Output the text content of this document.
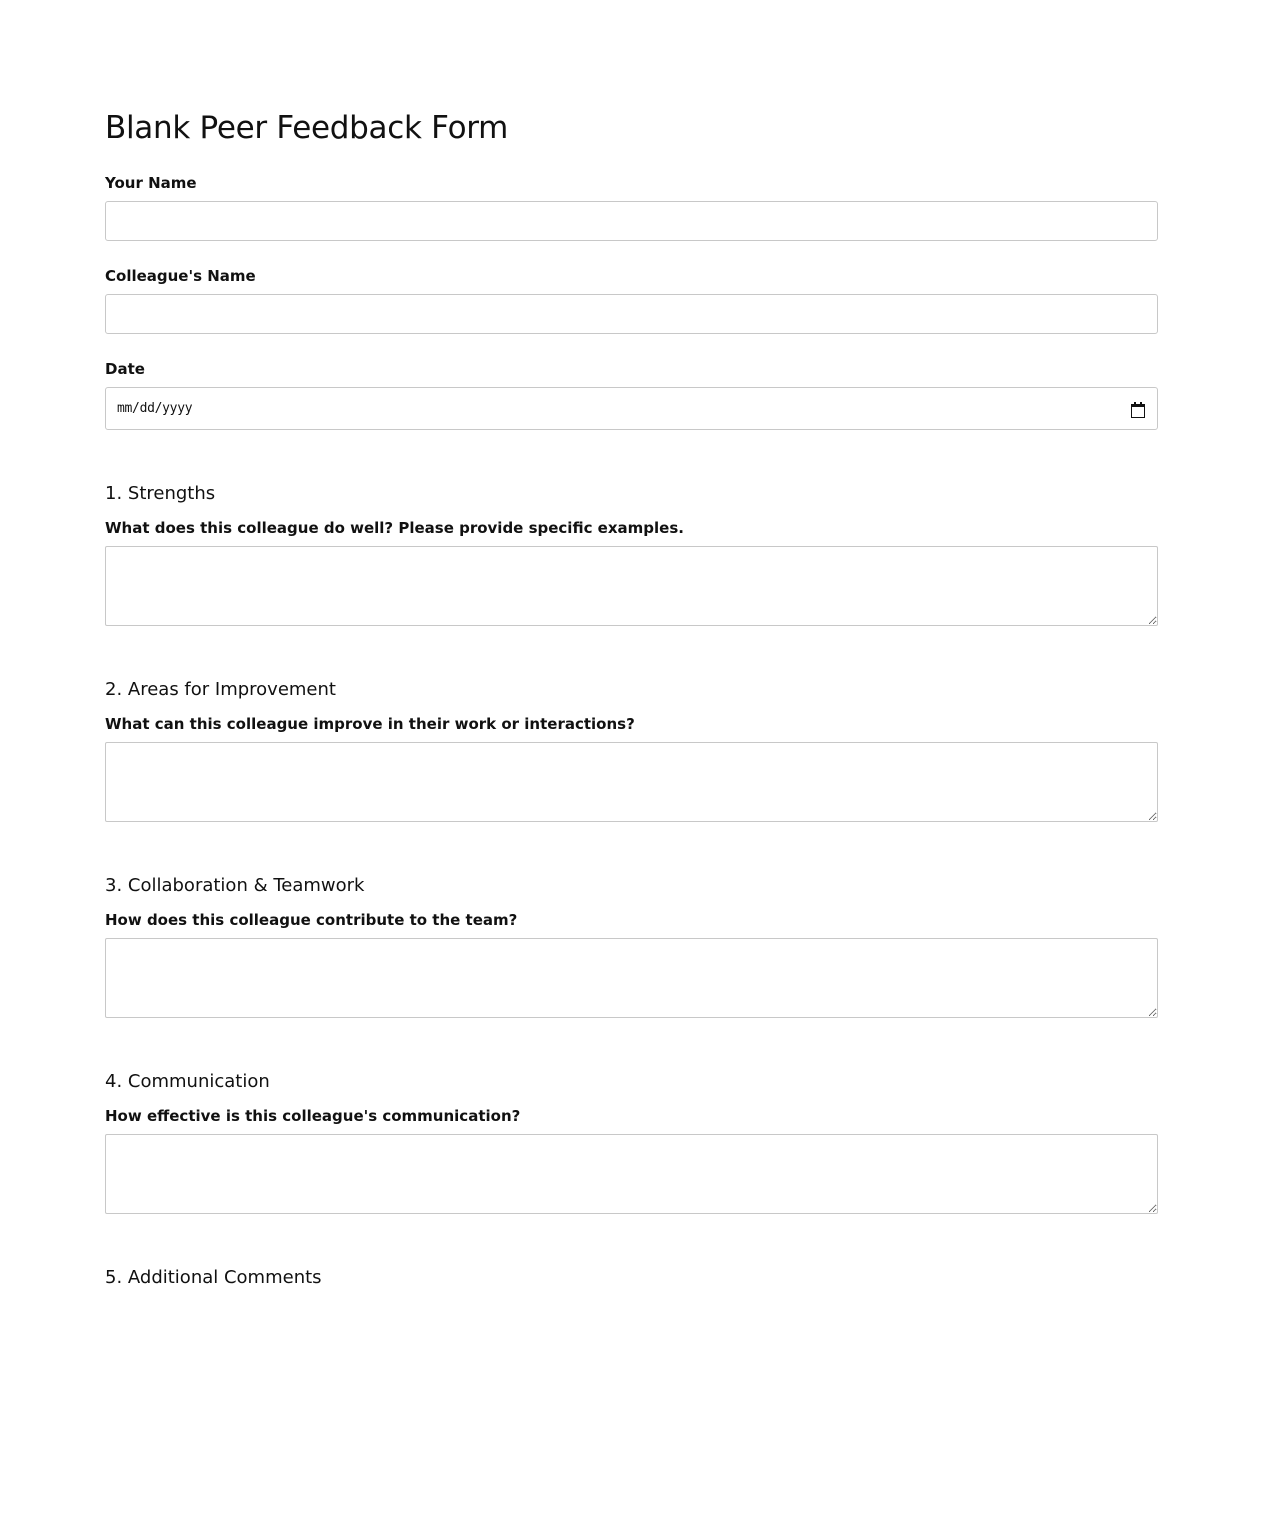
Blank Peer Feedback Form
Your Name
Colleague's Name
Date
mm/dd/yyyy
1. Strengths

What does this colleague do well? Please provide specific examples.

2. Areas for Improvement

What can this colleague improve in their work or interactions?

3. Collaboration & Teamwork

How does this colleague contribute to the team?

4. Communication

How effective is this colleague's communication?

5. Additional Comments
